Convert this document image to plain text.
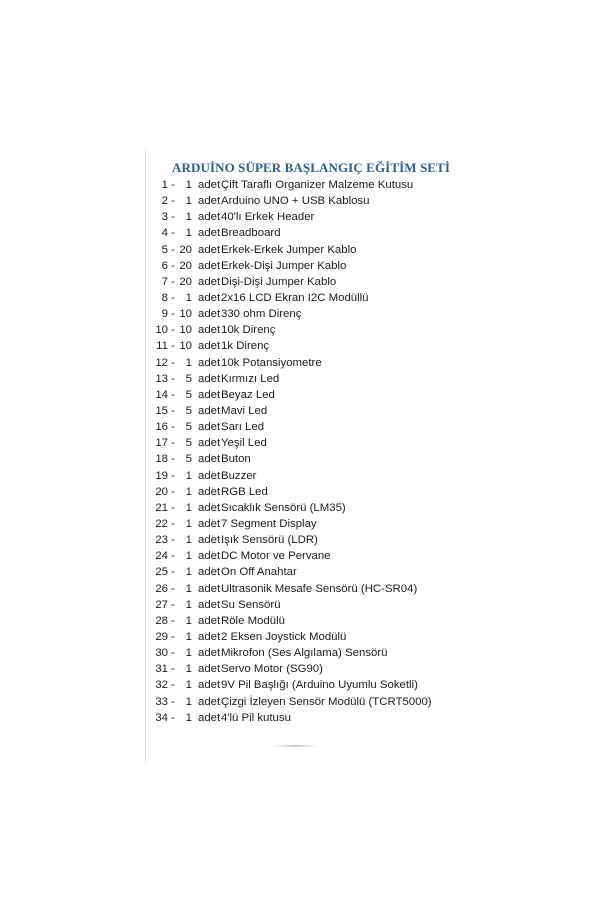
ARDUİNO SÜPER BAŞLANGIÇ EĞİTİM SETİ
1 - 1 adet Çift Taraflı Organizer Malzeme Kutusu
2 - 1 adet Arduino UNO + USB Kablosu
3 - 1 adet 40'lı Erkek Header
4 - 1 adet Breadboard
5 - 20 adet Erkek-Erkek Jumper Kablo
6 - 20 adet Erkek-Dişi Jumper Kablo
7 - 20 adet Dişi-Dişi Jumper Kablo
8 - 1 adet 2x16 LCD Ekran I2C Modüllü
9 - 10 adet 330 ohm Direnç
10 - 10 adet 10k Direnç
11 - 10 adet 1k Direnç
12 - 1 adet 10k Potansiyometre
13 - 5 adet Kırmızı Led
14 - 5 adet Beyaz Led
15 - 5 adet Mavi Led
16 - 5 adet Sarı Led
17 - 5 adet Yeşil Led
18 - 5 adet Buton
19 - 1 adet Buzzer
20 - 1 adet RGB Led
21 - 1 adet Sıcaklık Sensörü (LM35)
22 - 1 adet 7 Segment Display
23 - 1 adet Işık Sensörü (LDR)
24 - 1 adet DC Motor ve Pervane
25 - 1 adet On Off Anahtar
26 - 1 adet Ultrasonik Mesafe Sensörü (HC-SR04)
27 - 1 adet Su Sensörü
28 - 1 adet Röle Modülü
29 - 1 adet 2 Eksen Joystick Modülü
30 - 1 adet Mikrofon (Ses Algılama) Sensörü
31 - 1 adet Servo Motor (SG90)
32 - 1 adet 9V Pil Başlığı (Arduino Uyumlu Soketli)
33 - 1 adet Çizgi İzleyen Sensör Modülü (TCRT5000)
34 - 1 adet 4'lü Pil kutusu
